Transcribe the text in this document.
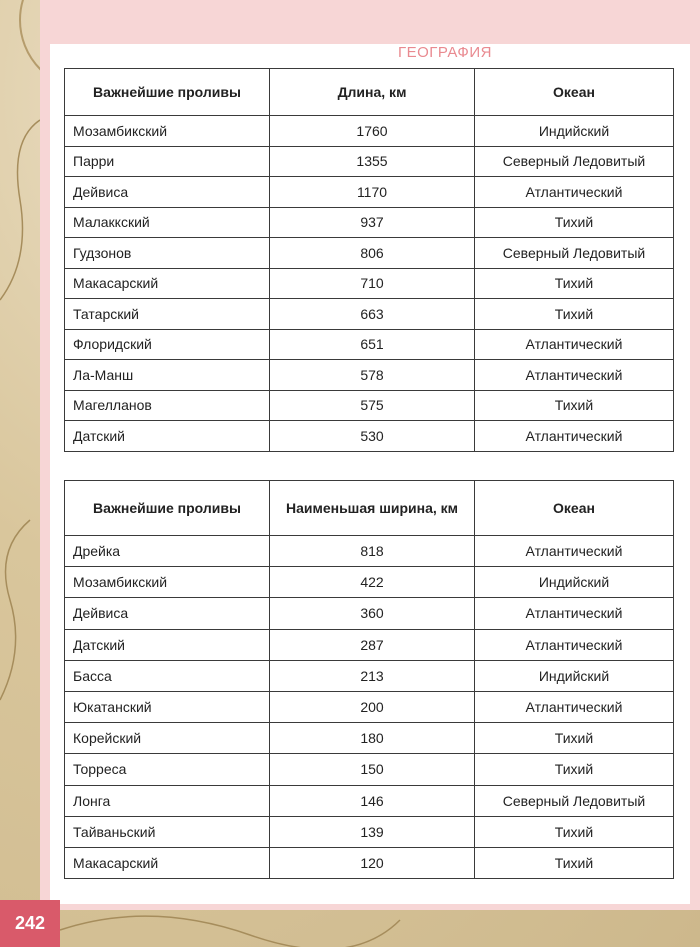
ГЕОГРАФИЯ
Важнейшие проливы	Длина, км	Океан
Мозамбикский	1760	Индийский
Парри	1355	Северный Ледовитый
Дейвиса	1170	Атлантический
Малаккский	937	Тихий
Гудзонов	806	Северный Ледовитый
Макасарский	710	Тихий
Татарский	663	Тихий
Флоридский	651	Атлантический
Ла-Манш	578	Атлантический
Магелланов	575	Тихий
Датский	530	Атлантический
Важнейшие проливы	Наименьшая ширина, км	Океан
Дрейка	818	Атлантический
Мозамбикский	422	Индийский
Дейвиса	360	Атлантический
Датский	287	Атлантический
Басса	213	Индийский
Юкатанский	200	Атлантический
Корейский	180	Тихий
Торреса	150	Тихий
Лонга	146	Северный Ледовитый
Тайваньский	139	Тихий
Макасарский	120	Тихий
242
